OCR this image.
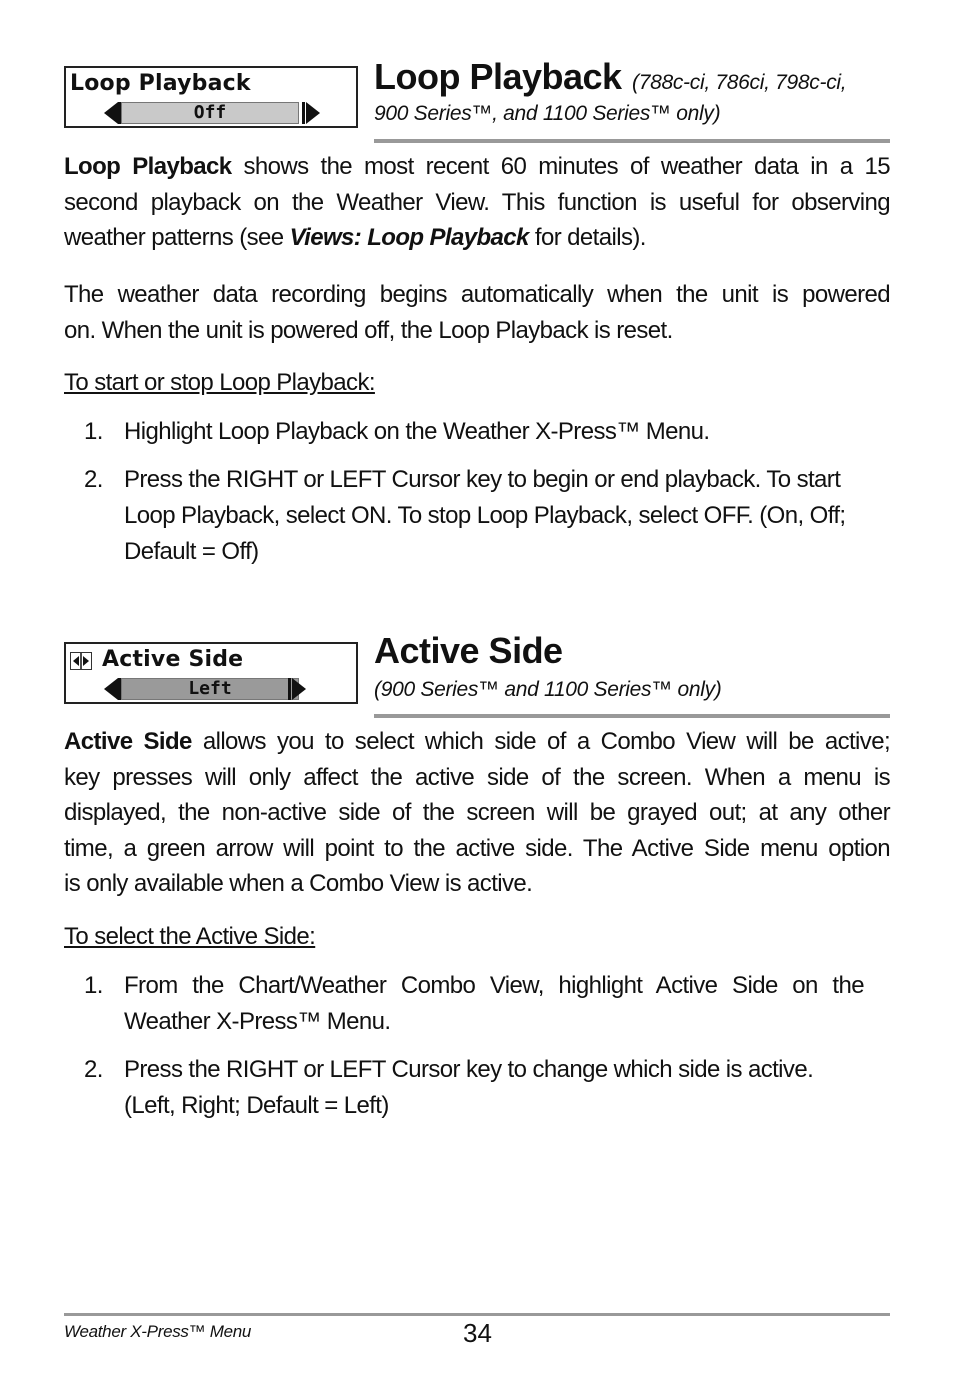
Loop Playback
Off
Loop Playback (788c-ci, 786ci, 798c-ci,
900 Series™, and 1100 Series™ only)
Loop Playback shows the most recent 60 minutes of weather data in a 15
second playback on the Weather View. This function is useful for observing
weather patterns (see Views: Loop Playback for details).
The weather data recording begins automatically when the unit is powered
on. When the unit is powered off, the Loop Playback is reset.
To start or stop Loop Playback:
1. Highlight Loop Playback on the Weather X-Press™ Menu.
2. Press the RIGHT or LEFT Cursor key to begin or end playback. To start
Loop Playback, select ON. To stop Loop Playback, select OFF. (On, Off;
Default = Off)
Active Side
Left
Active Side
(900 Series™ and 1100 Series™ only)
Active Side allows you to select which side of a Combo View will be active;
key presses will only affect the active side of the screen. When a menu is
displayed, the non-active side of the screen will be grayed out; at any other
time, a green arrow will point to the active side. The Active Side menu option
is only available when a Combo View is active.
To select the Active Side:
1. From the Chart/Weather Combo View, highlight Active Side on the
Weather X-Press™ Menu.
2. Press the RIGHT or LEFT Cursor key to change which side is active.
(Left, Right; Default = Left)
Weather X-Press™ Menu	34
